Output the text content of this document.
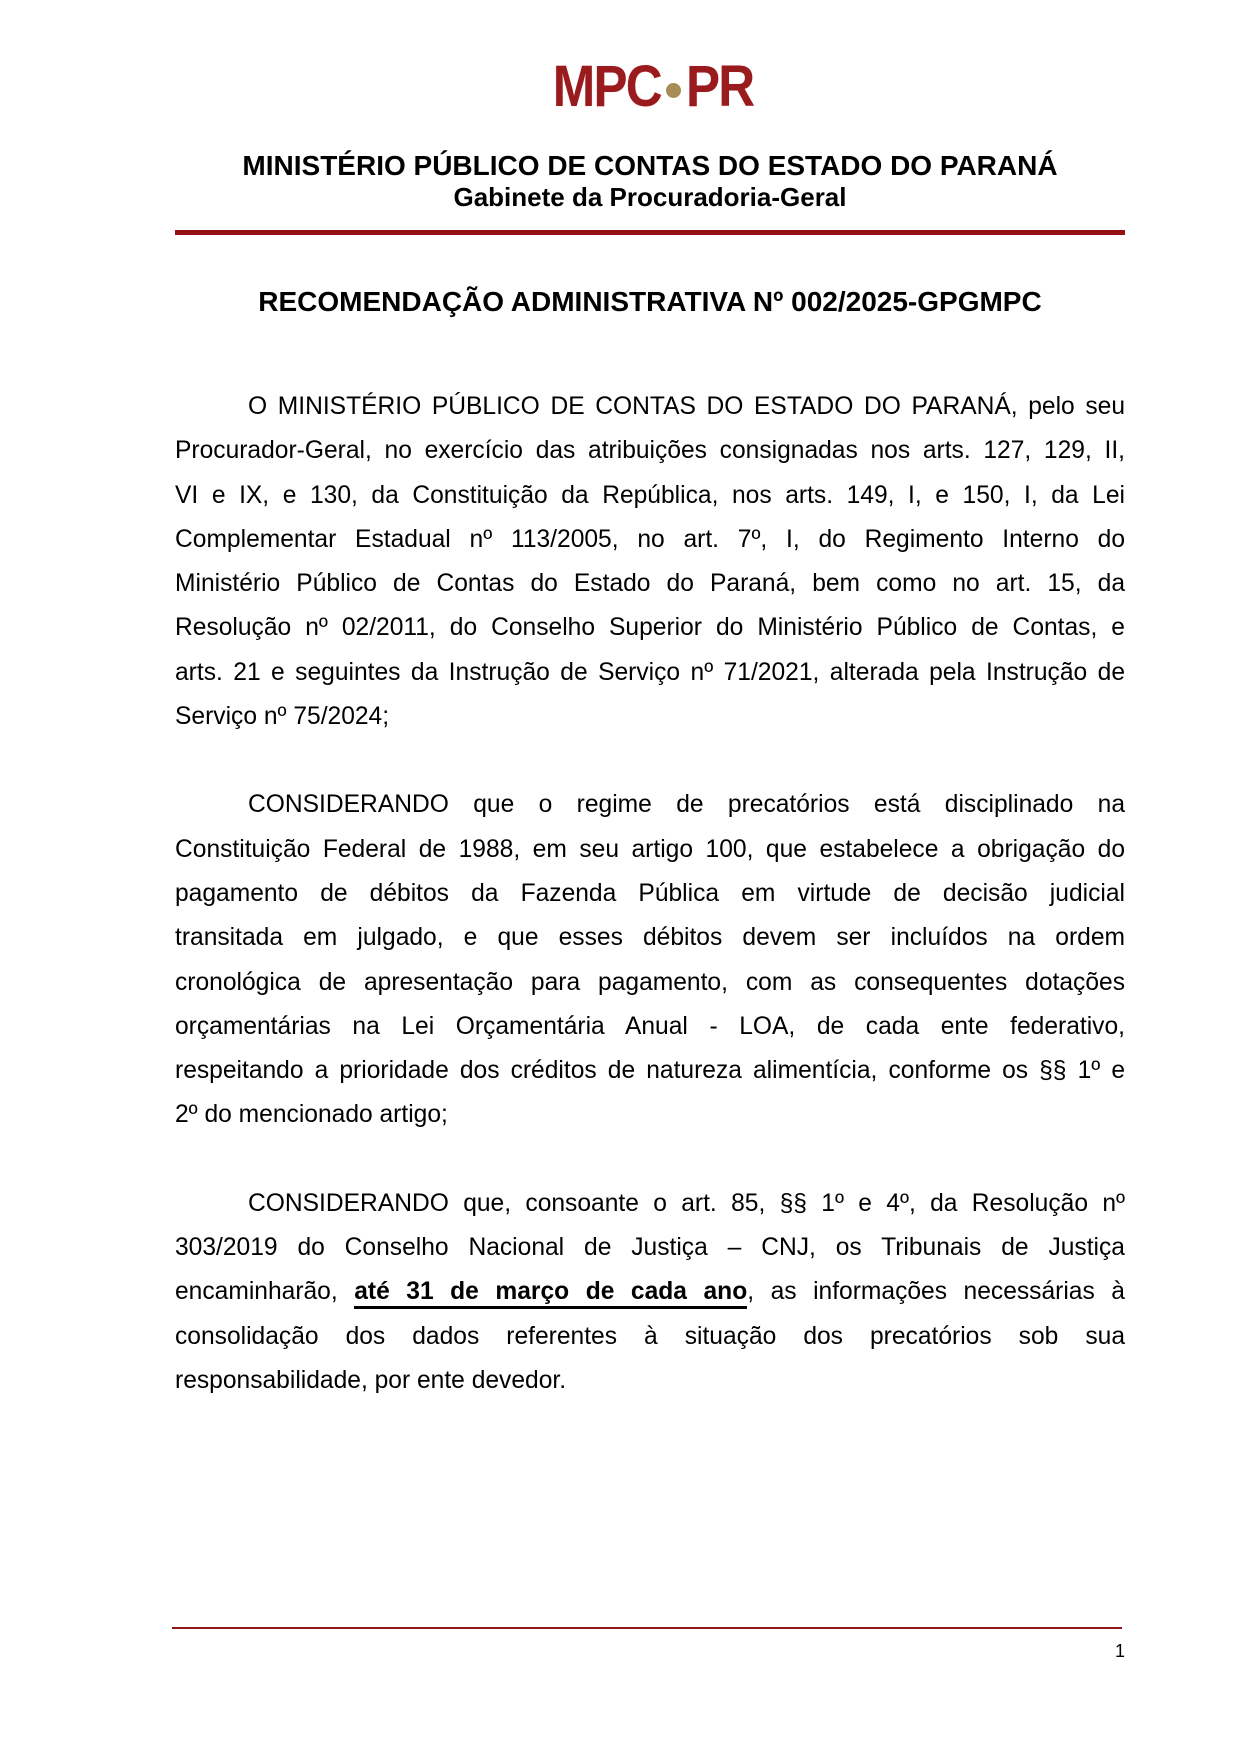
MPC PR
MINISTÉRIO PÚBLICO DE CONTAS DO ESTADO DO PARANÁ
Gabinete da Procuradoria-Geral
RECOMENDAÇÃO ADMINISTRATIVA Nº 002/2025-GPGMPC

O MINISTÉRIO PÚBLICO DE CONTAS DO ESTADO DO PARANÁ, pelo seu
Procurador-Geral, no exercício das atribuições consignadas nos arts. 127, 129, II,
VI e IX, e 130, da Constituição da República, nos arts. 149, I, e 150, I, da Lei
Complementar Estadual nº 113/2005, no art. 7º, I, do Regimento Interno do
Ministério Público de Contas do Estado do Paraná, bem como no art. 15, da
Resolução nº 02/2011, do Conselho Superior do Ministério Público de Contas, e
arts. 21 e seguintes da Instrução de Serviço nº 71/2021, alterada pela Instrução de
Serviço nº 75/2024;

CONSIDERANDO que o regime de precatórios está disciplinado na
Constituição Federal de 1988, em seu artigo 100, que estabelece a obrigação do
pagamento de débitos da Fazenda Pública em virtude de decisão judicial
transitada em julgado, e que esses débitos devem ser incluídos na ordem
cronológica de apresentação para pagamento, com as consequentes dotações
orçamentárias na Lei Orçamentária Anual - LOA, de cada ente federativo,
respeitando a prioridade dos créditos de natureza alimentícia, conforme os §§ 1º e
2º do mencionado artigo;

CONSIDERANDO que, consoante o art. 85, §§ 1º e 4º, da Resolução nº
303/2019 do Conselho Nacional de Justiça – CNJ, os Tribunais de Justiça
encaminharão, até 31 de março de cada ano, as informações necessárias à
consolidação dos dados referentes à situação dos precatórios sob sua
responsabilidade, por ente devedor.

1
